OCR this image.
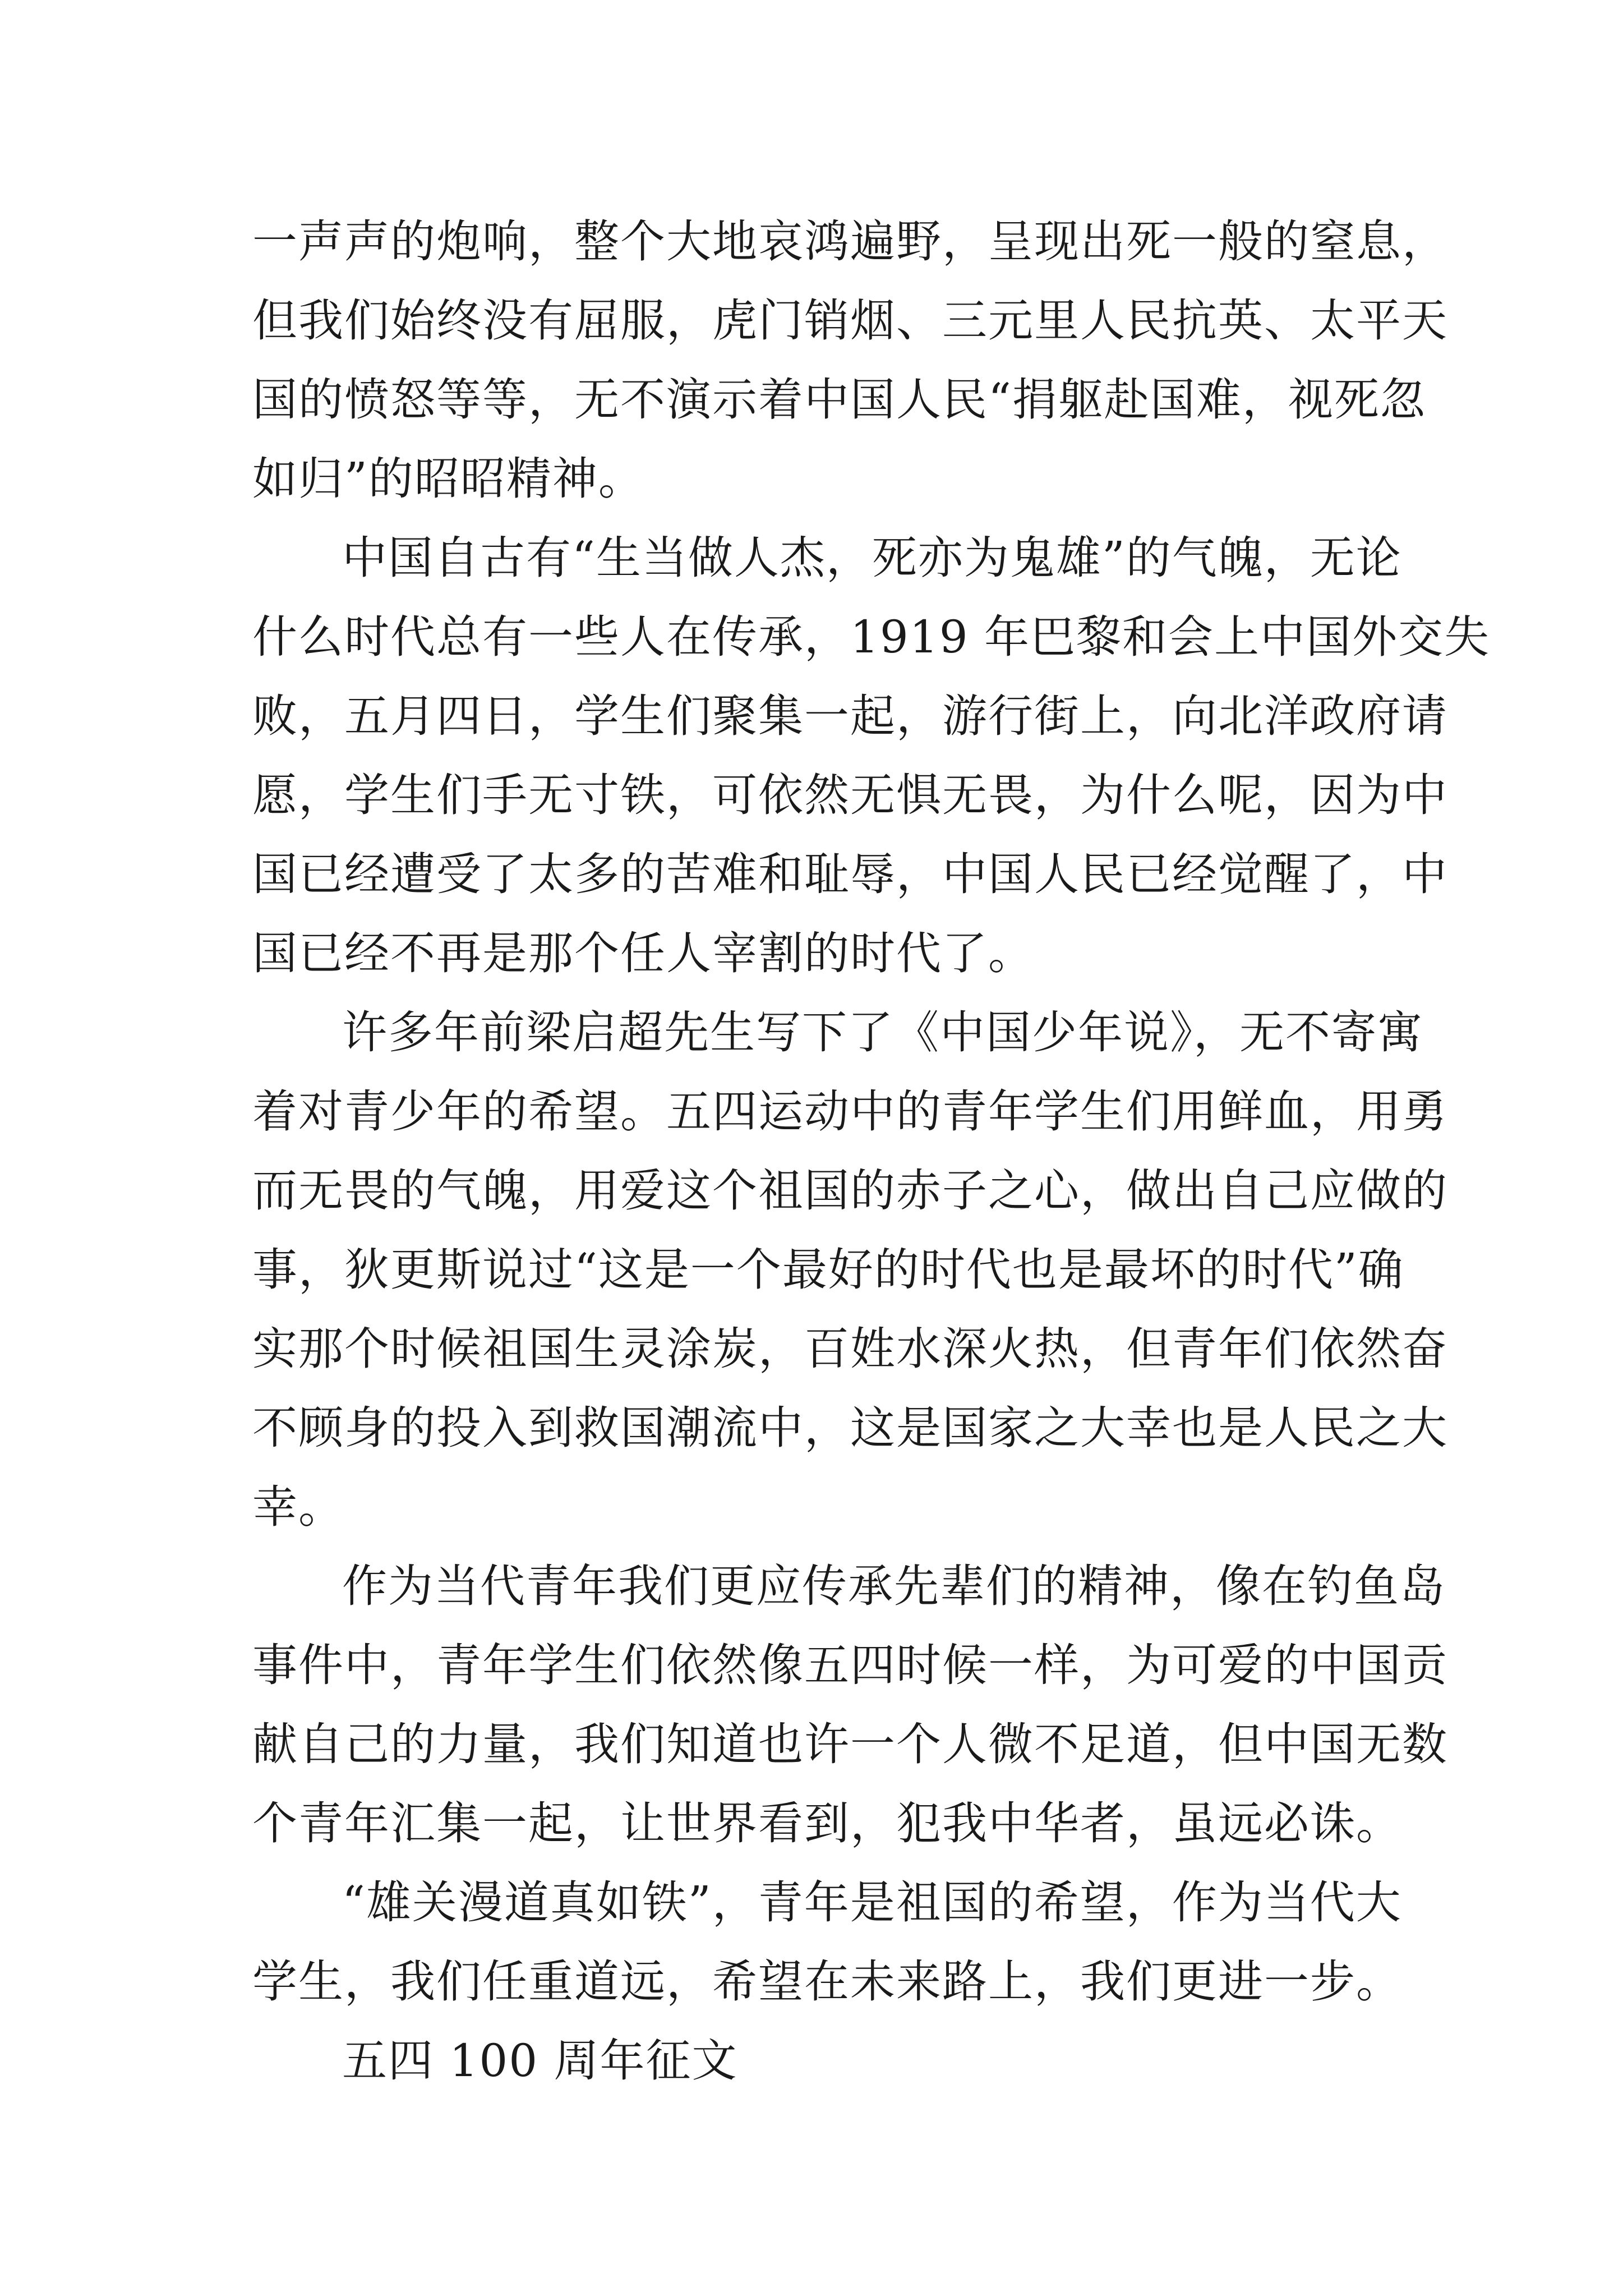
一声声的炮响，整个大地哀鸿遍野，呈现出死一般的窒息，
但我们始终没有屈服，虎门销烟、三元里人民抗英、太平天
国的愤怒等等，无不演示着中国人民“捐躯赴国难，视死忽
如归”的昭昭精神。
中国自古有“生当做人杰，死亦为鬼雄”的气魄，无论
什么时代总有一些人在传承，1919 年巴黎和会上中国外交失
败，五月四日，学生们聚集一起，游行街上，向北洋政府请
愿，学生们手无寸铁，可依然无惧无畏，为什么呢，因为中
国已经遭受了太多的苦难和耻辱，中国人民已经觉醒了，中
国已经不再是那个任人宰割的时代了。
许多年前梁启超先生写下了《中国少年说》，无不寄寓
着对青少年的希望。五四运动中的青年学生们用鲜血，用勇
而无畏的气魄，用爱这个祖国的赤子之心，做出自己应做的
事，狄更斯说过“这是一个最好的时代也是最坏的时代”确
实那个时候祖国生灵涂炭，百姓水深火热，但青年们依然奋
不顾身的投入到救国潮流中，这是国家之大幸也是人民之大
幸。
作为当代青年我们更应传承先辈们的精神，像在钓鱼岛
事件中，青年学生们依然像五四时候一样，为可爱的中国贡
献自己的力量，我们知道也许一个人微不足道，但中国无数
个青年汇集一起，让世界看到，犯我中华者，虽远必诛。
“雄关漫道真如铁”，青年是祖国的希望，作为当代大
学生，我们任重道远，希望在未来路上，我们更进一步。
五四 100 周年征文
